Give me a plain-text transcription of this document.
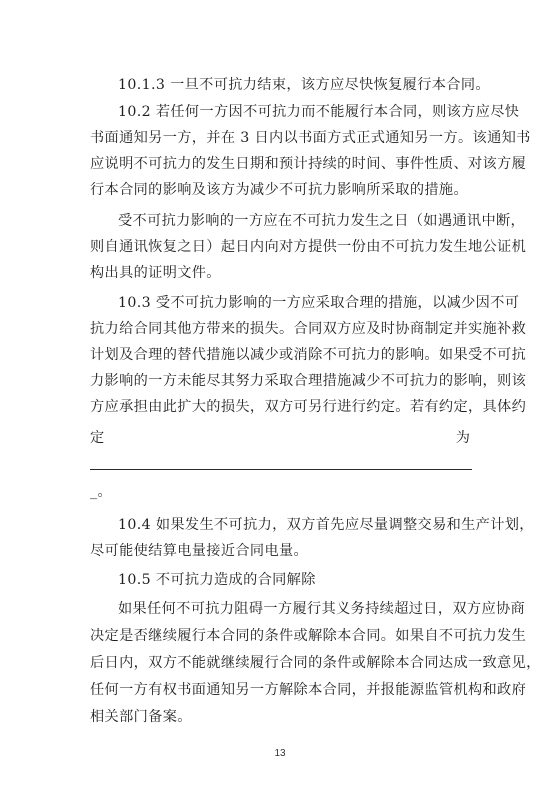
10.1.3 一旦不可抗力结束，该方应尽快恢复履行本合同。
10.2 若任何一方因不可抗力而不能履行本合同，则该方应尽快
书面通知另一方，并在 3 日内以书面方式正式通知另一方。该通知书
应说明不可抗力的发生日期和预计持续的时间、事件性质、对该方履
行本合同的影响及该方为减少不可抗力影响所采取的措施。
受不可抗力影响的一方应在不可抗力发生之日（如遇通讯中断，
则自通讯恢复之日）起日内向对方提供一份由不可抗力发生地公证机
构出具的证明文件。
10.3 受不可抗力影响的一方应采取合理的措施，以减少因不可
抗力给合同其他方带来的损失。合同双方应及时协商制定并实施补救
计划及合理的替代措施以减少或消除不可抗力的影响。如果受不可抗
力影响的一方未能尽其努力采取合理措施减少不可抗力的影响，则该
方应承担由此扩大的损失，双方可另行进行约定。若有约定，具体约
定	为
_。
10.4 如果发生不可抗力，双方首先应尽量调整交易和生产计划，
尽可能使结算电量接近合同电量。
10.5 不可抗力造成的合同解除
如果任何不可抗力阻碍一方履行其义务持续超过日，双方应协商
决定是否继续履行本合同的条件或解除本合同。如果自不可抗力发生
后日内，双方不能就继续履行合同的条件或解除本合同达成一致意见，
任何一方有权书面通知另一方解除本合同，并报能源监管机构和政府
相关部门备案。
13
